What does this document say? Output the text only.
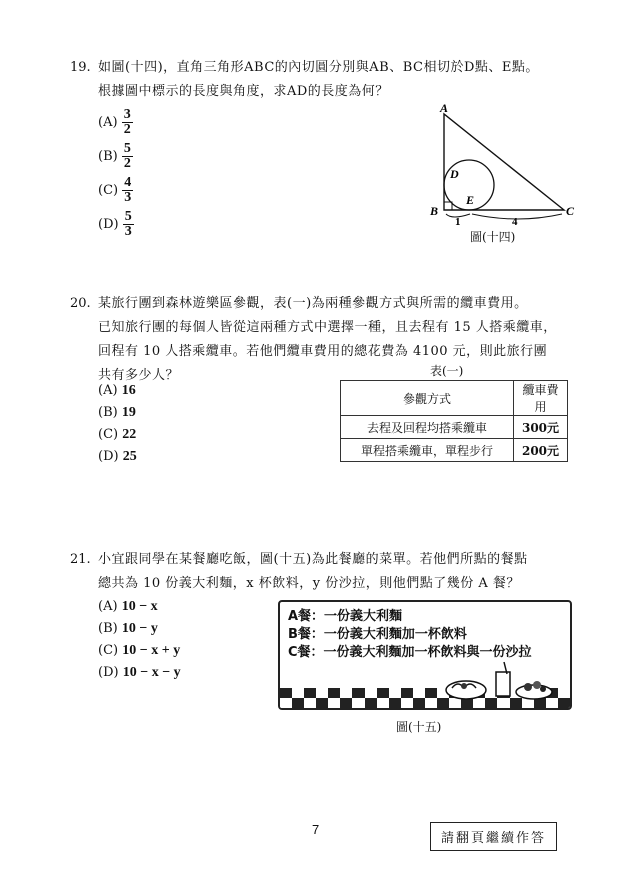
19. 如圖(十四)，直角三角形ABC的內切圓分別與AB、BC相切於D點、E點。
根據圖中標示的長度與角度，求AD的長度為何？
$(A) \frac{3}{2}$
$(B) \frac{5}{2}$
$(C) \frac{4}{3}$
$(D) \frac{5}{3}$
A
B	C
D
E
1	4
圖(十四)
20. 某旅行團到森林遊樂區參觀，表(一)為兩種參觀方式與所需的纜車費用。
已知旅行團的每個人皆從這兩種方式中選擇一種，且去程有 15 人搭乘纜車，
回程有 10 人搭乘纜車。若他們纜車費用的總花費為 4100 元，則此旅行團
共有多少人？
(A) 16
(B) 19
(C) 22
(D) 25
表(一)
參觀方式	纜車費用
去程及回程均搭乘纜車	300元
單程搭乘纜車，單程步行	200元
21. 小宜跟同學在某餐廳吃飯，圖(十五)為此餐廳的菜單。若他們所點的餐點
總共為 10 份義大利麵，x 杯飲料，y 份沙拉，則他們點了幾份 A 餐？
(A) 10 − x
(B) 10 − y
(C) 10 − x + y
(D) 10 − x − y
A餐：一份義大利麵
B餐：一份義大利麵加一杯飲料
C餐：一份義大利麵加一杯飲料與一份沙拉
圖(十五)
7
請翻頁繼續作答
